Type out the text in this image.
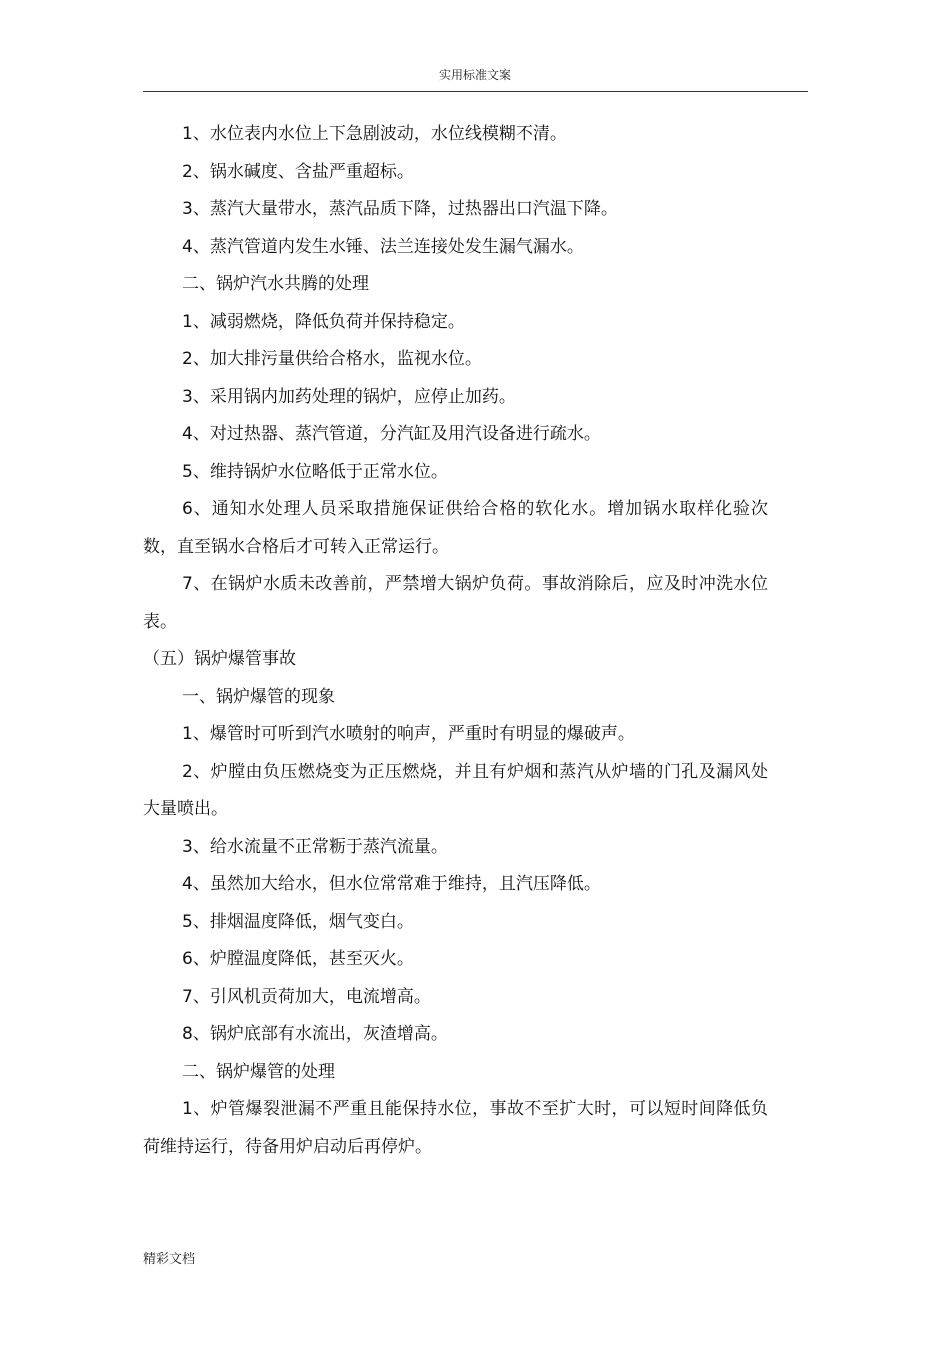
实用标准文案
1、水位表内水位上下急剧波动，水位线模糊不清。
2、锅水碱度、含盐严重超标。
3、蒸汽大量带水，蒸汽品质下降，过热器出口汽温下降。
4、蒸汽管道内发生水锤、法兰连接处发生漏气漏水。
二、锅炉汽水共腾的处理
1、减弱燃烧，降低负荷并保持稳定。
2、加大排污量供给合格水，监视水位。
3、采用锅内加药处理的锅炉，应停止加药。
4、对过热器、蒸汽管道，分汽缸及用汽设备进行疏水。
5、维持锅炉水位略低于正常水位。
6、通知水处理人员采取措施保证供给合格的软化水。增加锅水取样化验次数，直至锅水合格后才可转入正常运行。
7、在锅炉水质未改善前，严禁增大锅炉负荷。事故消除后，应及时冲洗水位表。
（五）锅炉爆管事故
一、锅炉爆管的现象
1、爆管时可听到汽水喷射的响声，严重时有明显的爆破声。
2、炉膛由负压燃烧变为正压燃烧，并且有炉烟和蒸汽从炉墙的门孔及漏风处大量喷出。
3、给水流量不正常粝于蒸汽流量。
4、虽然加大给水，但水位常常难于维持，且汽压降低。
5、排烟温度降低，烟气变白。
6、炉膛温度降低，甚至灭火。
7、引风机贡荷加大，电流增高。
8、锅炉底部有水流出，灰渣增高。
二、锅炉爆管的处理
1、炉管爆裂泄漏不严重且能保持水位，事故不至扩大时，可以短时间降低负荷维持运行，待备用炉启动后再停炉。
精彩文档
